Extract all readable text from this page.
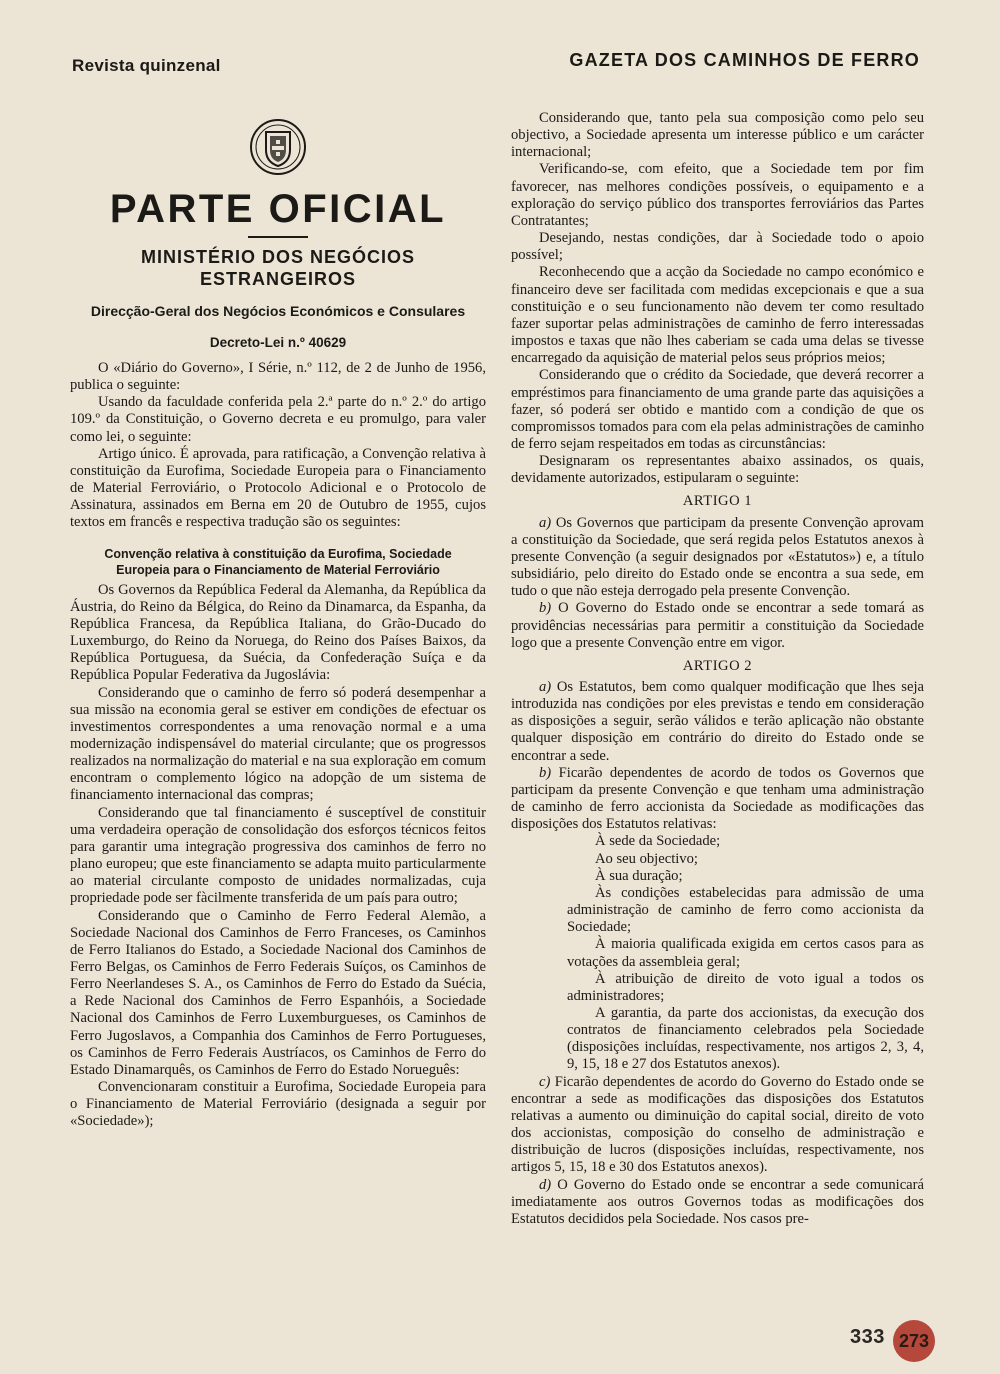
Revista quinzenal	GAZETA DOS CAMINHOS DE FERRO
PARTE OFICIAL
MINISTÉRIO DOS NEGÓCIOS
ESTRANGEIROS
Direcção-Geral dos Negócios Económicos e Consulares
Decreto-Lei n.º 40629

O «Diário do Governo», I Série, n.º 112, de 2 de Junho de 1956, publica o seguinte:

Usando da faculdade conferida pela 2.ª parte do n.º 2.º do artigo 109.º da Constituição, o Governo decreta e eu promulgo, para valer como lei, o seguinte:

Artigo único. É aprovada, para ratificação, a Convenção relativa à constituição da Eurofima, Sociedade Europeia para o Financiamento de Material Ferroviário, o Protocolo Adicional e o Protocolo de Assinatura, assinados em Berna em 20 de Outubro de 1955, cujos textos em francês e respectiva tradução são os seguintes:

Convenção relativa à constituição da Eurofima, Sociedade Europeia para o Financiamento de Material Ferroviário

Os Governos da República Federal da Alemanha, da República da Áustria, do Reino da Bélgica, do Reino da Dinamarca, da Espanha, da República Francesa, da República Italiana, do Grão-Ducado do Luxemburgo, do Reino da Noruega, do Reino dos Países Baixos, da República Portuguesa, da Suécia, da Confederação Suíça e da República Popular Federativa da Jugoslávia:

Considerando que o caminho de ferro só poderá desempenhar a sua missão na economia geral se estiver em condições de efectuar os investimentos correspondentes a uma renovação normal e a uma modernização indispensável do material circulante; que os progressos realizados na normalização do material e na sua exploração em comum encontram o complemento lógico na adopção de um sistema de financiamento internacional das compras;

Considerando que tal financiamento é susceptível de constituir uma verdadeira operação de consolidação dos esforços técnicos feitos para garantir uma integração progressiva dos caminhos de ferro no plano europeu; que este financiamento se adapta muito particularmente ao material circulante composto de unidades normalizadas, cuja propriedade pode ser fàcilmente transferida de um país para outro;

Considerando que o Caminho de Ferro Federal Alemão, a Sociedade Nacional dos Caminhos de Ferro Franceses, os Caminhos de Ferro Italianos do Estado, a Sociedade Nacional dos Caminhos de Ferro Belgas, os Caminhos de Ferro Federais Suíços, os Caminhos de Ferro Neerlandeses S. A., os Caminhos de Ferro do Estado da Suécia, a Rede Nacional dos Caminhos de Ferro Espanhóis, a Sociedade Nacional dos Caminhos de Ferro Luxemburgueses, os Caminhos de Ferro Jugoslavos, a Companhia dos Caminhos de Ferro Portugueses, os Caminhos de Ferro Federais Austríacos, os Caminhos de Ferro do Estado Dinamarquês, os Caminhos de Ferro do Estado Norueguês:

Convencionaram constituir a Eurofima, Sociedade Europeia para o Financiamento de Material Ferroviário (designada a seguir por «Sociedade»);

Considerando que, tanto pela sua composição como pelo seu objectivo, a Sociedade apresenta um interesse público e um carácter internacional;

Verificando-se, com efeito, que a Sociedade tem por fim favorecer, nas melhores condições possíveis, o equipamento e a exploração do serviço público dos transportes ferroviários das Partes Contratantes;

Desejando, nestas condições, dar à Sociedade todo o apoio possível;

Reconhecendo que a acção da Sociedade no campo económico e financeiro deve ser facilitada com medidas excepcionais e que a sua constituição e o seu funcionamento não devem ter como resultado fazer suportar pelas administrações de caminho de ferro interessadas impostos e taxas que não lhes caberiam se cada uma delas se tivesse encarregado da aquisição de material pelos seus próprios meios;

Considerando que o crédito da Sociedade, que deverá recorrer a empréstimos para financiamento de uma grande parte das aquisições a fazer, só poderá ser obtido e mantido com a condição de que os compromissos tomados para com ela pelas administrações de caminho de ferro sejam respeitados em todas as circunstâncias:

Designaram os representantes abaixo assinados, os quais, devidamente autorizados, estipularam o seguinte:

ARTIGO 1

a) Os Governos que participam da presente Convenção aprovam a constituição da Sociedade, que será regida pelos Estatutos anexos à presente Convenção (a seguir designados por «Estatutos») e, a título subsidiário, pelo direito do Estado onde se encontra a sua sede, em tudo o que não esteja derrogado pela presente Convenção.

b) O Governo do Estado onde se encontrar a sede tomará as providências necessárias para permitir a constituição da Sociedade logo que a presente Convenção entre em vigor.

ARTIGO 2

a) Os Estatutos, bem como qualquer modificação que lhes seja introduzida nas condições por eles previstas e tendo em consideração as disposições a seguir, serão válidos e terão aplicação não obstante qualquer disposição em contrário do direito do Estado onde se encontrar a sede.

b) Ficarão dependentes de acordo de todos os Governos que participam da presente Convenção e que tenham uma administração de caminho de ferro accionista da Sociedade as modificações das disposições dos Estatutos relativas:

À sede da Sociedade;

Ao seu objectivo;

À sua duração;

Às condições estabelecidas para admissão de uma administração de caminho de ferro como accionista da Sociedade;

À maioria qualificada exigida em certos casos para as votações da assembleia geral;

À atribuição de direito de voto igual a todos os administradores;

A garantia, da parte dos accionistas, da execução dos contratos de financiamento celebrados pela Sociedade (disposições incluídas, respectivamente, nos artigos 2, 3, 4, 9, 15, 18 e 27 dos Estatutos anexos).

c) Ficarão dependentes de acordo do Governo do Estado onde se encontrar a sede as modificações das disposições dos Estatutos relativas a aumento ou diminuição do capital social, direito de voto dos accionistas, composição do conselho de administração e distribuição de lucros (disposições incluídas, respectivamente, nos artigos 5, 15, 18 e 30 dos Estatutos anexos).

d) O Governo do Estado onde se encontrar a sede comunicará imediatamente aos outros Governos todas as modificações dos Estatutos decididos pela Sociedade. Nos casos pre-

333 273
